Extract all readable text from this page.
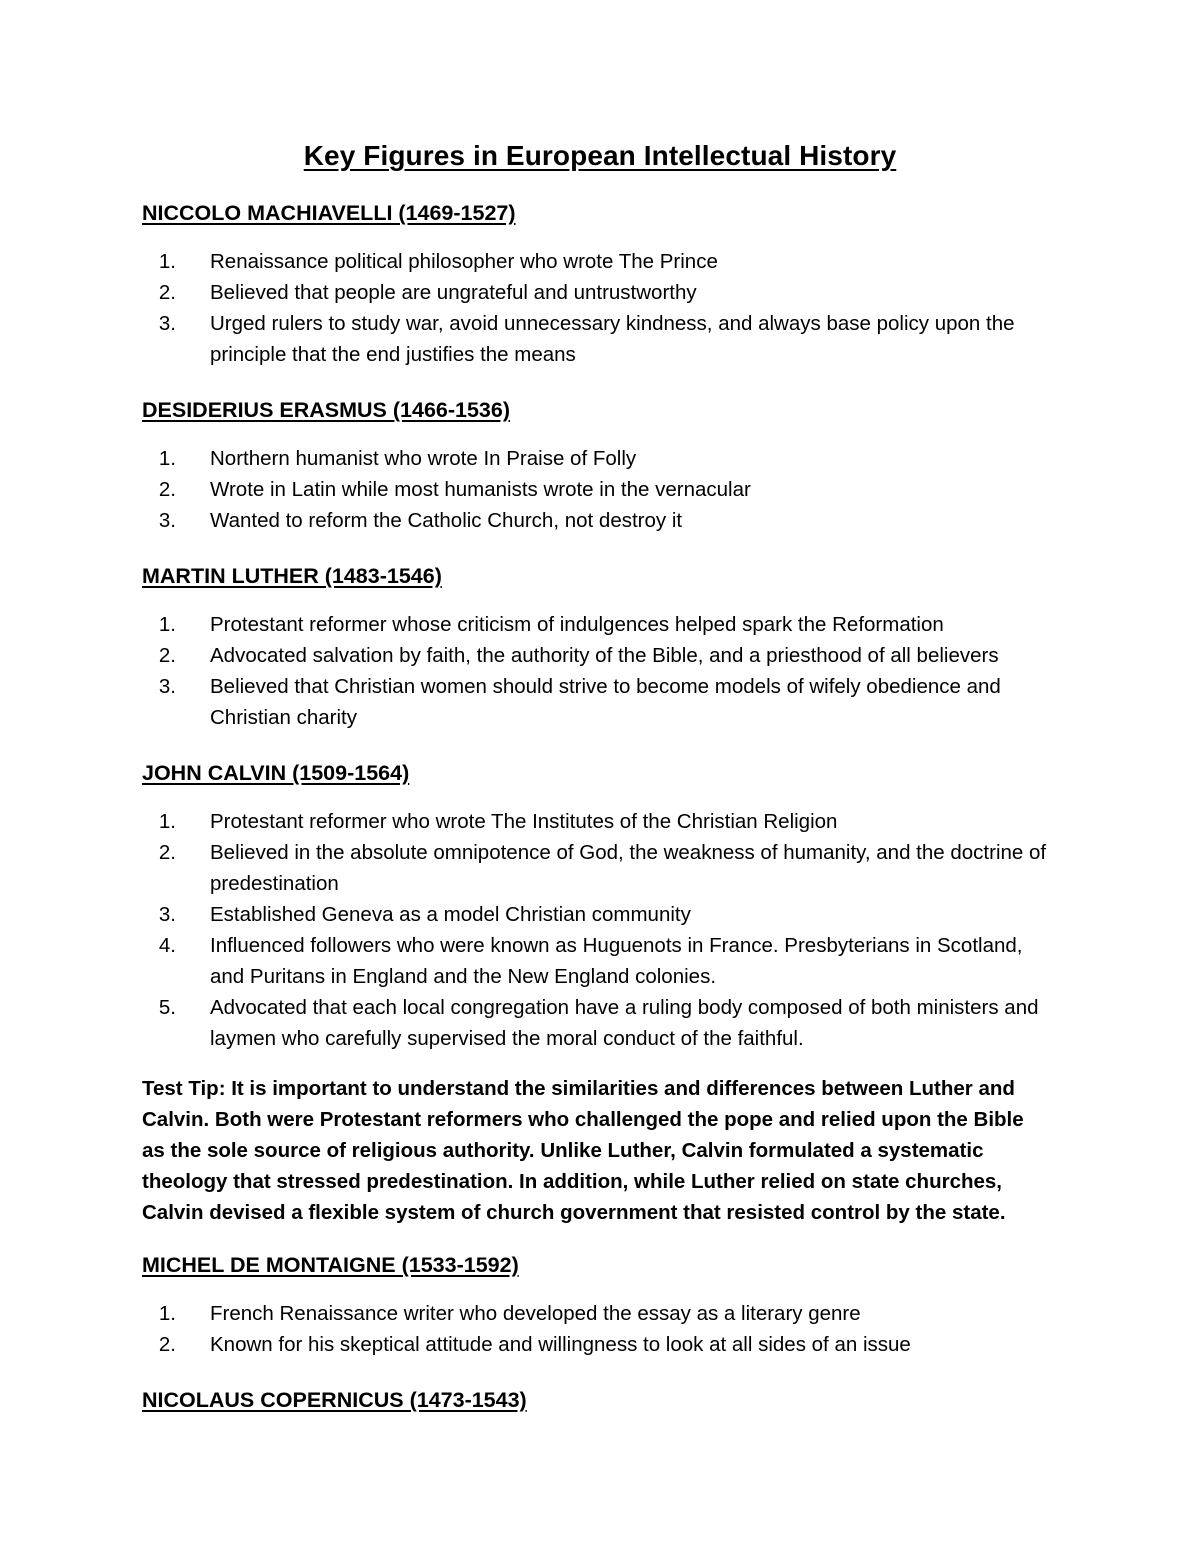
Key Figures in European Intellectual History
NICCOLO MACHIAVELLI (1469-1527)
1.	Renaissance political philosopher who wrote The Prince
2.	Believed that people are ungrateful and untrustworthy
3.	Urged rulers to study war, avoid unnecessary kindness, and always base policy upon the principle that the end justifies the means
DESIDERIUS ERASMUS (1466-1536)
1.	Northern humanist who wrote In Praise of Folly
2.	Wrote in Latin while most humanists wrote in the vernacular
3.	Wanted to reform the Catholic Church, not destroy it
MARTIN LUTHER (1483-1546)
1.	Protestant reformer whose criticism of indulgences helped spark the Reformation
2.	Advocated salvation by faith, the authority of the Bible, and a priesthood of all believers
3.	Believed that Christian women should strive to become models of wifely obedience and Christian charity
JOHN CALVIN (1509-1564)
1.	Protestant reformer who wrote The Institutes of the Christian Religion
2.	Believed in the absolute omnipotence of God, the weakness of humanity, and the doctrine of predestination
3.	Established Geneva as a model Christian community
4.	Influenced followers who were known as Huguenots in France. Presbyterians in Scotland, and Puritans in England and the New England colonies.
5.	Advocated that each local congregation have a ruling body composed of both ministers and laymen who carefully supervised the moral conduct of the faithful.

Test Tip: It is important to understand the similarities and differences between Luther and Calvin. Both were Protestant reformers who challenged the pope and relied upon the Bible as the sole source of religious authority. Unlike Luther, Calvin formulated a systematic theology that stressed predestination. In addition, while Luther relied on state churches, Calvin devised a flexible system of church government that resisted control by the state.

MICHEL DE MONTAIGNE (1533-1592)
1.	French Renaissance writer who developed the essay as a literary genre
2.	Known for his skeptical attitude and willingness to look at all sides of an issue
NICOLAUS COPERNICUS (1473-1543)
